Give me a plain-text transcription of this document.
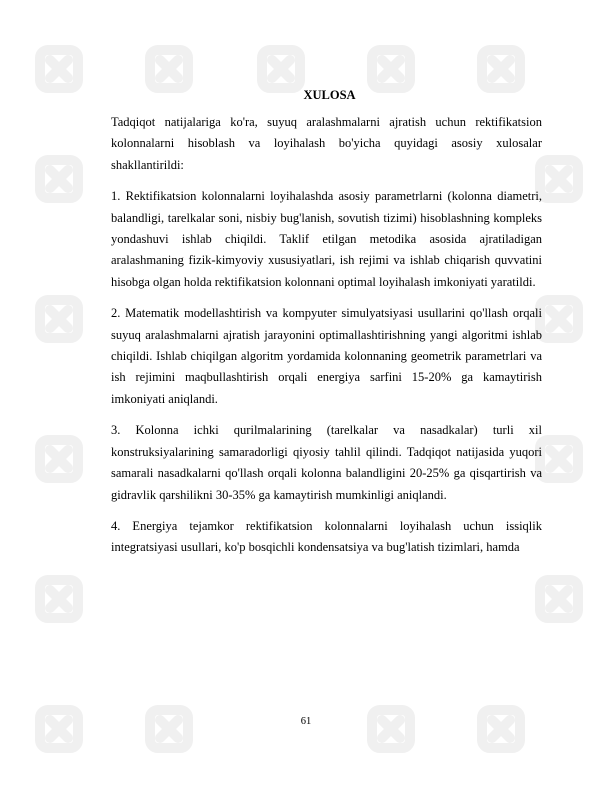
XULOSA

Tadqiqot natijalariga ko'ra, suyuq aralashmalarni ajratish uchun rektifikatsion kolonnalarni hisoblash va loyihalash bo'yicha quyidagi asosiy xulosalar shakllantirildi:

1. Rektifikatsion kolonnalarni loyihalashda asosiy parametrlarni (kolonna diametri, balandligi, tarelkalar soni, nisbiy bug'lanish, sovutish tizimi) hisoblashning kompleks yondashuvi ishlab chiqildi. Taklif etilgan metodika asosida ajratiladigan aralashmaning fizik-kimyoviy xususiyatlari, ish rejimi va ishlab chiqarish quvvatini hisobga olgan holda rektifikatsion kolonnani optimal loyihalash imkoniyati yaratildi.

2. Matematik modellashtirish va kompyuter simulyatsiyasi usullarini qo'llash orqali suyuq aralashmalarni ajratish jarayonini optimallashtirishning yangi algoritmi ishlab chiqildi. Ishlab chiqilgan algoritm yordamida kolonnaning geometrik parametrlari va ish rejimini maqbullashtirish orqali energiya sarfini 15-20% ga kamaytirish imkoniyati aniqlandi.

3. Kolonna ichki qurilmalarining (tarelkalar va nasadkalar) turli xil konstruksiyalarining samaradorligi qiyosiy tahlil qilindi. Tadqiqot natijasida yuqori samarali nasadkalarni qo'llash orqali kolonna balandligini 20-25% ga qisqartirish va gidravlik qarshilikni 30-35% ga kamaytirish mumkinligi aniqlandi.

4. Energiya tejamkor rektifikatsion kolonnalarni loyihalash uchun issiqlik integratsiyasi usullari, ko'p bosqichli kondensatsiya va bug'latish tizimlari, hamda

61
